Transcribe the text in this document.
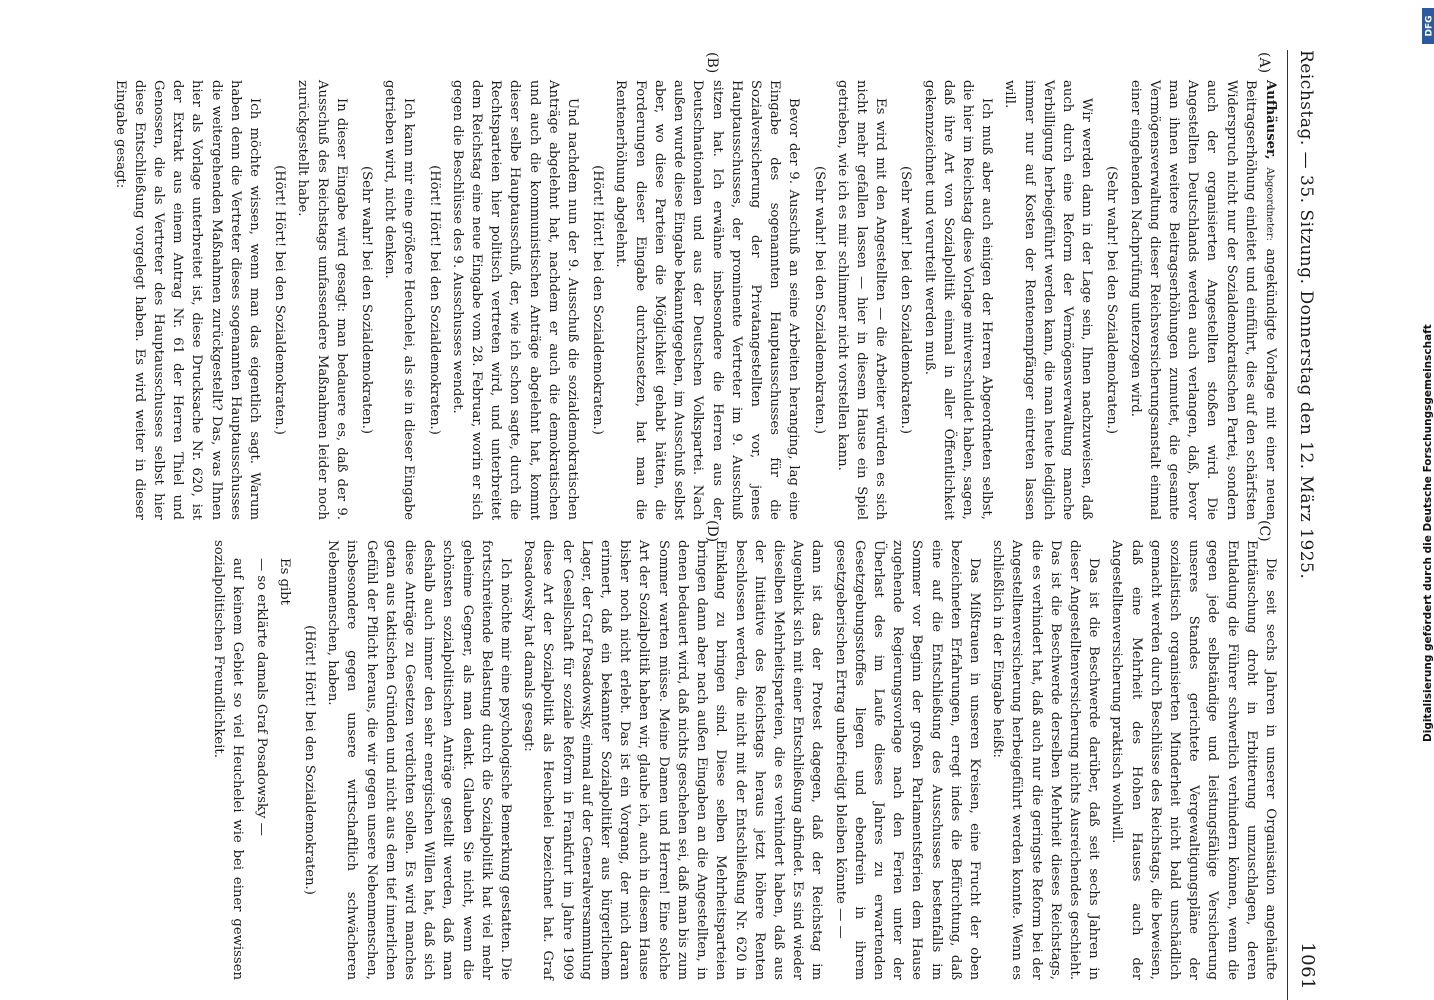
Reichstag. — 35. Sitzung. Donnerstag den 12. März 1925.
1061
(A)
(B)
(C)
(D)

Aufhäuser, Abgeordneter: angekündigte Vorlage mit einer neuen Beitragserhöhung einleitet und einführt, dies auf den schärfsten Widerspruch nicht nur der Sozialdemokratischen Partei, sondern auch der organisierten Angestellten stoßen wird. Die Angestellten Deutschlands werden auch verlangen, daß, bevor man ihnen weitere Beitragserhöhungen zumutet, die gesamte Vermögensverwaltung dieser Reichsversicherungsanstalt einmal einer eingehenden Nachprüfung unterzogen wird.

(Sehr wahr! bei den Sozialdemokraten.)

Wir werden dann in der Lage sein, Ihnen nachzuweisen, daß auch durch eine Reform der Vermögensverwaltung manche Verbilligung herbeigeführt werden kann, die man heute lediglich immer nur auf Kosten der Rentenempfänger eintreten lassen will.

Ich muß aber auch einigen der Herren Abgeordneten selbst, die hier im Reichstag diese Vorlage mitverschuldet haben, sagen, daß ihre Art von Sozialpolitik einmal in aller Öffentlichkeit gekennzeichnet und verurteilt werden muß.

(Sehr wahr! bei den Sozialdemokraten.)

Es wird mit den Angestellten — die Arbeiter würden es sich nicht mehr gefallen lassen — hier in diesem Hause ein Spiel getrieben, wie ich es mir schlimmer nicht vorstellen kann.

(Sehr wahr! bei den Sozialdemokraten.)

Bevor der 9. Ausschuß an seine Arbeiten heranging, lag eine Eingabe des sogenannten Hauptausschusses für die Sozialversicherung der Privatangestellten vor, jenes Hauptausschusses, der prominente Vertreter im 9. Ausschuß sitzen hat. Ich erwähne insbesondere die Herren aus der Deutschnationalen und aus der Deutschen Volkspartei. Nach außen wurde diese Eingabe bekanntgegeben, im Ausschuß selbst aber, wo diese Parteien die Möglichkeit gehabt hätten, die Forderungen dieser Eingabe durchzusetzen, hat man die Rentenerhöhung abgelehnt.

(Hört! Hört! bei den Sozialdemokraten.)

Und nachdem nun der 9. Ausschuß die sozialdemokratischen Anträge abgelehnt hat, nachdem er auch die demokratischen und auch die kommunistischen Anträge abgelehnt hat, kommt dieser selbe Hauptausschuß, der, wie ich schon sagte, durch die Rechtsparteien hier politisch vertreten wird, und unterbreitet dem Reichstag eine neue Eingabe vom 28. Februar, worin er sich gegen die Beschlüsse des 9. Ausschusses wendet.

(Hört! Hört! bei den Sozialdemokraten.)

Ich kann mir eine größere Heuchelei, als sie in dieser Eingabe getrieben wird, nicht denken.

(Sehr wahr! bei den Sozialdemokraten.)

In dieser Eingabe wird gesagt: man bedauere es, daß der 9. Ausschuß des Reichstags umfassendere Maßnahmen leider noch zurückgestellt habe.

(Hört! Hört! bei den Sozialdemokraten.)

Ich möchte wissen, wenn man das eigentlich sagt. Warum haben denn die Vertreter dieses sogenannten Hauptausschusses die weitergehenden Maßnahmen zurückgestellt? Das, was Ihnen hier als Vorlage unterbreitet ist, diese Drucksache Nr. 620, ist der Extrakt aus einem Antrag Nr. 61 der Herren Thiel und Genossen, die als Vertreter des Hauptausschusses selbst hier diese Entschließung vorgelegt haben. Es wird weiter in dieser Eingabe gesagt:

Die seit sechs Jahren in unserer Organisation angehäufte Enttäuschung droht in Erbitterung umzuschlagen, deren Entladung die Führer schwerlich verhindern können, wenn die gegen jede selbständige und leistungsfähige Versicherung unseres Standes gerichtete Vergewaltigungspläne der sozialistisch organisierten Minderheit nicht bald unschädlich gemacht werden durch Beschlüsse des Reichstags, die beweisen, daß eine Mehrheit des Hohen Hauses auch der Angestelltenversicherung praktisch wohlwill.

Das ist die Beschwerde darüber, daß seit sechs Jahren in dieser Angestelltenversicherung nichts Ausreichendes geschieht. Das ist die Beschwerde derselben Mehrheit dieses Reichstags, die es verhindert hat, daß auch nur die geringste Reform bei der Angestelltenversicherung herbeigeführt werden konnte. Wenn es schließlich in der Eingabe heißt:

Das Mißtrauen in unseren Kreisen, eine Frucht der oben bezeichneten Erfahrungen, erregt indes die Befürchtung, daß eine auf die Entschließung des Ausschusses bestenfalls im Sommer vor Beginn der großen Parlamentsferien dem Hause zugehende Regierungsvorlage nach den Ferien unter der Überlast des im Laufe dieses Jahres zu erwartenden Gesetzgebungsstoffes liegen und ebendrein in ihrem gesetzgeberischen Ertrag unbefriedigt bleiben könnte — —

dann ist das der Protest dagegen, daß der Reichstag im Augenblick sich mit einer Entschließung abfindet. Es sind wieder dieselben Mehrheitsparteien, die es verhindert haben, daß aus der Initiative des Reichstags heraus jetzt höhere Renten beschlossen werden, die nicht mit der Entschließung Nr. 620 in Einklang zu bringen sind. Diese selben Mehrheitsparteien bringen dann aber nach außen Eingaben an die Angestellten, in denen bedauert wird, daß nichts geschehen sei, daß man bis zum Sommer warten müsse. Meine Damen und Herren! Eine solche Art der Sozialpolitik haben wir, glaube ich, auch in diesem Hause bisher noch nicht erlebt. Das ist ein Vorgang, der mich daran erinnert, daß ein bekannter Sozialpolitiker aus bürgerlichem Lager, der Graf Posadowsky, einmal auf der Generalversammlung der Gesellschaft für soziale Reform in Frankfurt im Jahre 1909 diese Art der Sozialpolitik als Heuchelei bezeichnet hat. Graf Posadowsky hat damals gesagt:

Ich möchte mir eine psychologische Bemerkung gestatten. Die fortschreitende Belastung durch die Sozialpolitik hat viel mehr geheime Gegner, als man denkt. Glauben Sie nicht, wenn die schönsten sozialpolitischen Anträge gestellt werden, daß man deshalb auch immer den sehr energischen Willen hat, daß sich diese Anträge zu Gesetzen verdichten sollen. Es wird manches getan aus taktischen Gründen und nicht aus dem tief innerlichen Gefühl der Pflicht heraus, die wir gegen unsere Nebenmenschen, insbesondere gegen unsere wirtschaftlich schwächeren Nebenmenschen, haben.

(Hört! Hört! bei den Sozialdemokraten.)

Es gibt

— so erklärte damals Graf Posadowsky —

auf keinem Gebiet so viel Heuchelei wie bei einer gewissen sozialpolitischen Freundlichkeit.

DFG
Digitalisierung gefördert durch die Deutsche Forschungsgemeinschaft
